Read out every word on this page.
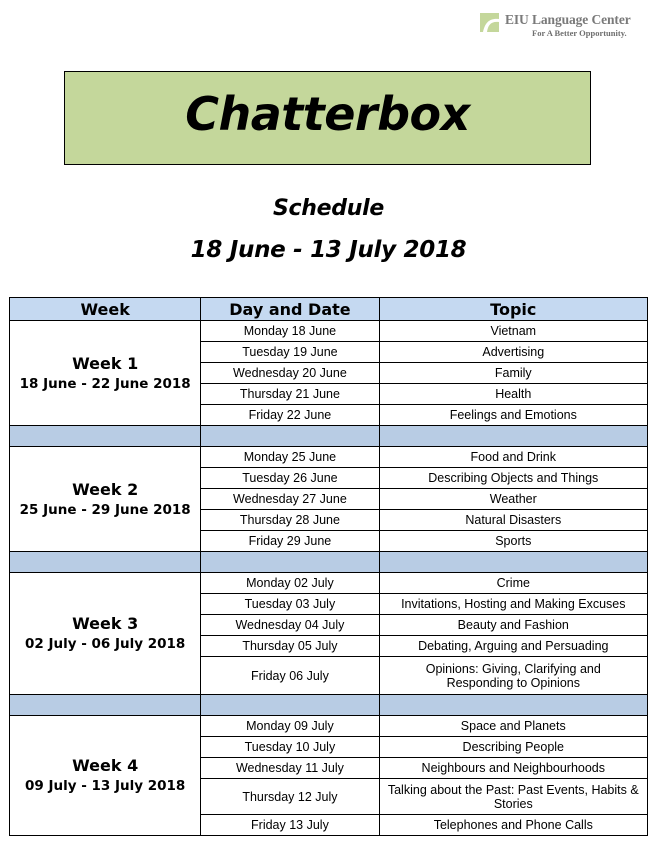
EIU Language Center
For A Better Opportunity.
Chatterbox
Schedule
18 June - 13 July 2018
Week	Day and Date	Topic

Week 1
18 June - 22 June 2018	Monday 18 June	Vietnam
	Tuesday 19 June	Advertising
	Wednesday 20 June	Family
	Thursday 21 June	Health
	Friday 22 June	Feelings and Emotions

Week 2
25 June - 29 June 2018	Monday 25 June	Food and Drink
	Tuesday 26 June	Describing Objects and Things
	Wednesday 27 June	Weather
	Thursday 28 June	Natural Disasters
	Friday 29 June	Sports

Week 3
02 July - 06 July 2018	Monday 02 July	Crime
	Tuesday 03 July	Invitations, Hosting and Making Excuses
	Wednesday 04 July	Beauty and Fashion
	Thursday 05 July	Debating, Arguing and Persuading
	Friday 06 July	Opinions: Giving, Clarifying and Responding to Opinions

Week 4
09 July - 13 July 2018	Monday 09 July	Space and Planets
	Tuesday 10 July	Describing People
	Wednesday 11 July	Neighbours and Neighbourhoods
	Thursday 12 July	Talking about the Past: Past Events, Habits & Stories
	Friday 13 July	Telephones and Phone Calls
